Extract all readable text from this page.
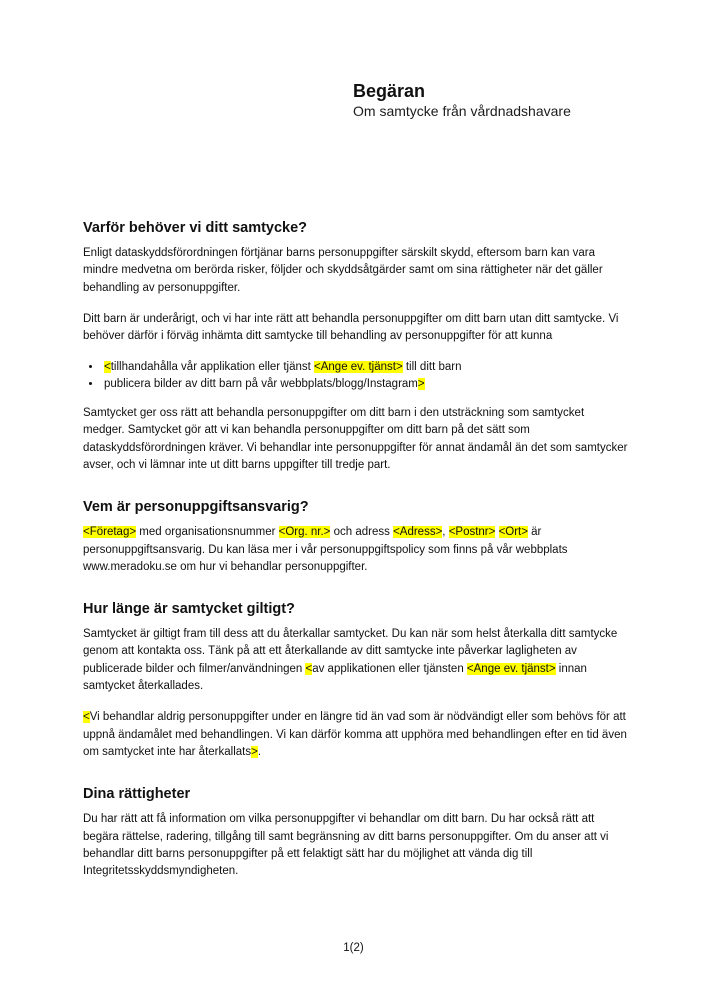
Begäran
Om samtycke från vårdnadshavare
Varför behöver vi ditt samtycke?

Enligt dataskyddsförordningen förtjänar barns personuppgifter särskilt skydd, eftersom barn kan vara mindre medvetna om berörda risker, följder och skyddsåtgärder samt om sina rättigheter när det gäller behandling av personuppgifter.

Ditt barn är underårigt, och vi har inte rätt att behandla personuppgifter om ditt barn utan ditt samtycke. Vi behöver därför i förväg inhämta ditt samtycke till behandling av personuppgifter för att kunna

• <tillhandahålla vår applikation eller tjänst <Ange ev. tjänst> till ditt barn
• publicera bilder av ditt barn på vår webbplats/blogg/Instagram>

Samtycket ger oss rätt att behandla personuppgifter om ditt barn i den utsträckning som samtycket medger. Samtycket gör att vi kan behandla personuppgifter om ditt barn på det sätt som dataskyddsförordningen kräver. Vi behandlar inte personuppgifter för annat ändamål än det som samtycker avser, och vi lämnar inte ut ditt barns uppgifter till tredje part.

Vem är personuppgiftsansvarig?

<Företag> med organisationsnummer <Org. nr.> och adress <Adress>, <Postnr> <Ort> är personuppgiftsansvarig. Du kan läsa mer i vår personuppgiftspolicy som finns på vår webbplats www.meradoku.se om hur vi behandlar personuppgifter.

Hur länge är samtycket giltigt?

Samtycket är giltigt fram till dess att du återkallar samtycket. Du kan när som helst återkalla ditt samtycke genom att kontakta oss. Tänk på att ett återkallande av ditt samtycke inte påverkar lagligheten av publicerade bilder och filmer/användningen <av applikationen eller tjänsten <Ange ev. tjänst> innan samtycket återkallades.

<Vi behandlar aldrig personuppgifter under en längre tid än vad som är nödvändigt eller som behövs för att uppnå ändamålet med behandlingen. Vi kan därför komma att upphöra med behandlingen efter en tid även om samtycket inte har återkallats>.

Dina rättigheter

Du har rätt att få information om vilka personuppgifter vi behandlar om ditt barn. Du har också rätt att begära rättelse, radering, tillgång till samt begränsning av ditt barns personuppgifter. Om du anser att vi behandlar ditt barns personuppgifter på ett felaktigt sätt har du möjlighet att vända dig till Integritetsskyddsmyndigheten.

1(2)
